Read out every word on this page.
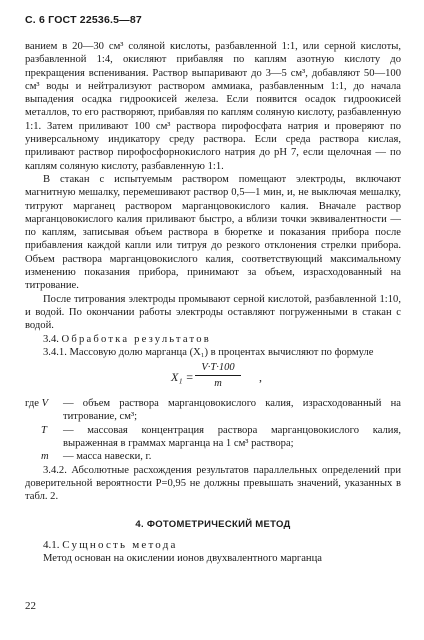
С. 6 ГОСТ 22536.5—87

ванием в 20—30 см³ соляной кислоты, разбавленной 1:1, или серной кислоты, разбавленной 1:4, окисляют прибавляя по каплям азотную кислоту до прекращения вспенивания. Раствор выпаривают до 3—5 см³, добавляют 50—100 см³ воды и нейтрализуют раствором аммиака, разбавленным 1:1, до начала выпадения осадка гидроокисей железа. Если появится осадок гидроокисей металлов, то его растворяют, прибавляя по каплям соляную кислоту, разбавленную 1:1. Затем приливают 100 см³ раствора пирофосфата натрия и проверяют по универсальному индикатору среду раствора. Если среда раствора кислая, приливают раствор пирофосфорнокислого натрия до рН 7, если щелочная — по каплям соляную кислоту, разбавленную 1:1.

В стакан с испытуемым раствором помещают электроды, включают магнитную мешалку, перемешивают раствор 0,5—1 мин, и, не выключая мешалку, титруют марганец раствором марганцовокислого калия. Вначале раствор марганцовокислого калия приливают быстро, а вблизи точки эквивалентности — по каплям, записывая объем раствора в бюретке и показания прибора после прибавления каждой капли или титруя до резкого отклонения стрелки прибора. Объем раствора марганцовокислого калия, соответствующий максимальному изменению показания прибора, принимают за объем, израсходованный на титрование.

После титрования электроды промывают серной кислотой, разбавленной 1:10, и водой. По окончании работы электроды оставляют погруженными в стакан с водой.

3.4. Обработка результатов

3.4.1. Массовую долю марганца (X₁) в процентах вычисляют по формуле

$X_1 = \frac{V\cdot T\cdot 100}{m}$ ,
где V	— объем раствора марганцовокислого калия, израсходованный на титрование, см³;
T	— массовая концентрация раствора марганцовокислого калия, выраженная в граммах марганца на 1 см³ раствора;
m	— масса навески, г.

3.4.2. Абсолютные расхождения результатов параллельных определений при доверительной вероятности P=0,95 не должны превышать значений, указанных в табл. 2.

4. ФОТОМЕТРИЧЕСКИЙ МЕТОД

4.1. Сущность метода

Метод основан на окислении ионов двухвалентного марганца

22
